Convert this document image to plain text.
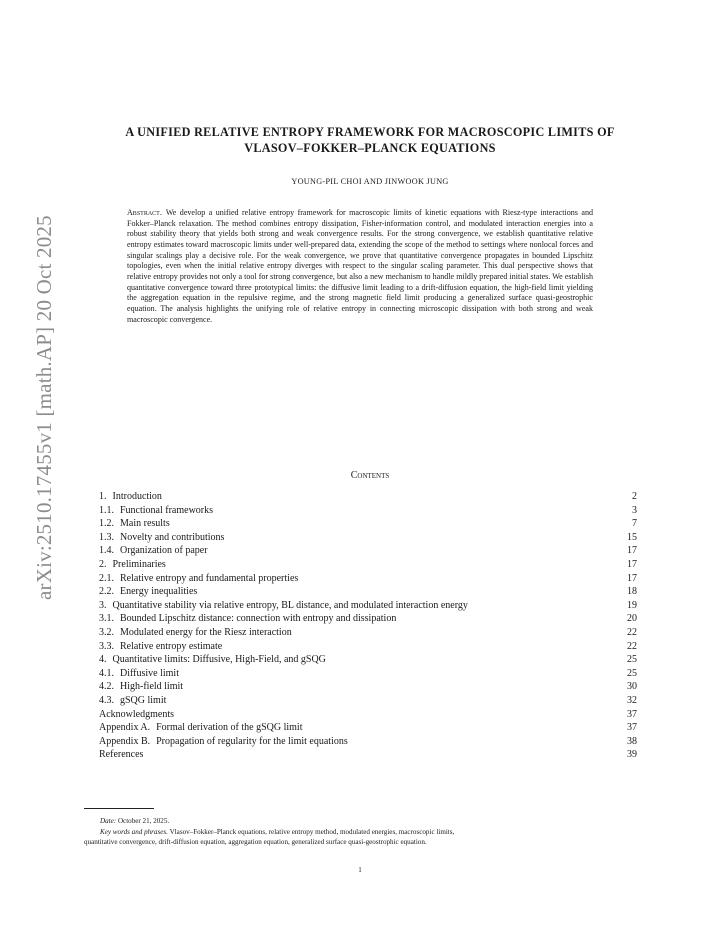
arXiv:2510.17455v1 [math.AP] 20 Oct 2025
A UNIFIED RELATIVE ENTROPY FRAMEWORK FOR MACROSCOPIC LIMITS OF
VLASOV–FOKKER–PLANCK EQUATIONS
YOUNG-PIL CHOI AND JINWOOK JUNG
Abstract. We develop a unified relative entropy framework for macroscopic limits of kinetic equations with Riesz-type interactions and Fokker–Planck relaxation. The method combines entropy dissipation, Fisher-information control, and modulated interaction energies into a robust stability theory that yields both strong and weak convergence results. For the strong convergence, we establish quantitative relative entropy estimates toward macroscopic limits under well-prepared data, extending the scope of the method to settings where nonlocal forces and singular scalings play a decisive role. For the weak convergence, we prove that quantitative convergence propagates in bounded Lipschitz topologies, even when the initial relative entropy diverges with respect to the singular scaling parameter. This dual perspective shows that relative entropy provides not only a tool for strong convergence, but also a new mechanism to handle mildly prepared initial states. We establish quantitative convergence toward three prototypical limits: the diffusive limit leading to a drift-diffusion equation, the high-field limit yielding the aggregation equation in the repulsive regime, and the strong magnetic field limit producing a generalized surface quasi-geostrophic equation. The analysis highlights the unifying role of relative entropy in connecting microscopic dissipation with both strong and weak macroscopic convergence.
Contents
1. Introduction	2
1.1. Functional frameworks	3
1.2. Main results	7
1.3. Novelty and contributions	15
1.4. Organization of paper	17
2. Preliminaries	17
2.1. Relative entropy and fundamental properties	17
2.2. Energy inequalities	18
3. Quantitative stability via relative entropy, BL distance, and modulated interaction energy	19
3.1. Bounded Lipschitz distance: connection with entropy and dissipation	20
3.2. Modulated energy for the Riesz interaction	22
3.3. Relative entropy estimate	22
4. Quantitative limits: Diffusive, High-Field, and gSQG	25
4.1. Diffusive limit	25
4.2. High-field limit	30
4.3. gSQG limit	32
Acknowledgments	37
Appendix A. Formal derivation of the gSQG limit	37
Appendix B. Propagation of regularity for the limit equations	38
References	39
Date: October 21, 2025.
Key words and phrases. Vlasov–Fokker–Planck equations, relative entropy method, modulated energies, macroscopic limits,
quantitative convergence, drift-diffusion equation, aggregation equation, generalized surface quasi-geostrophic equation.
1
